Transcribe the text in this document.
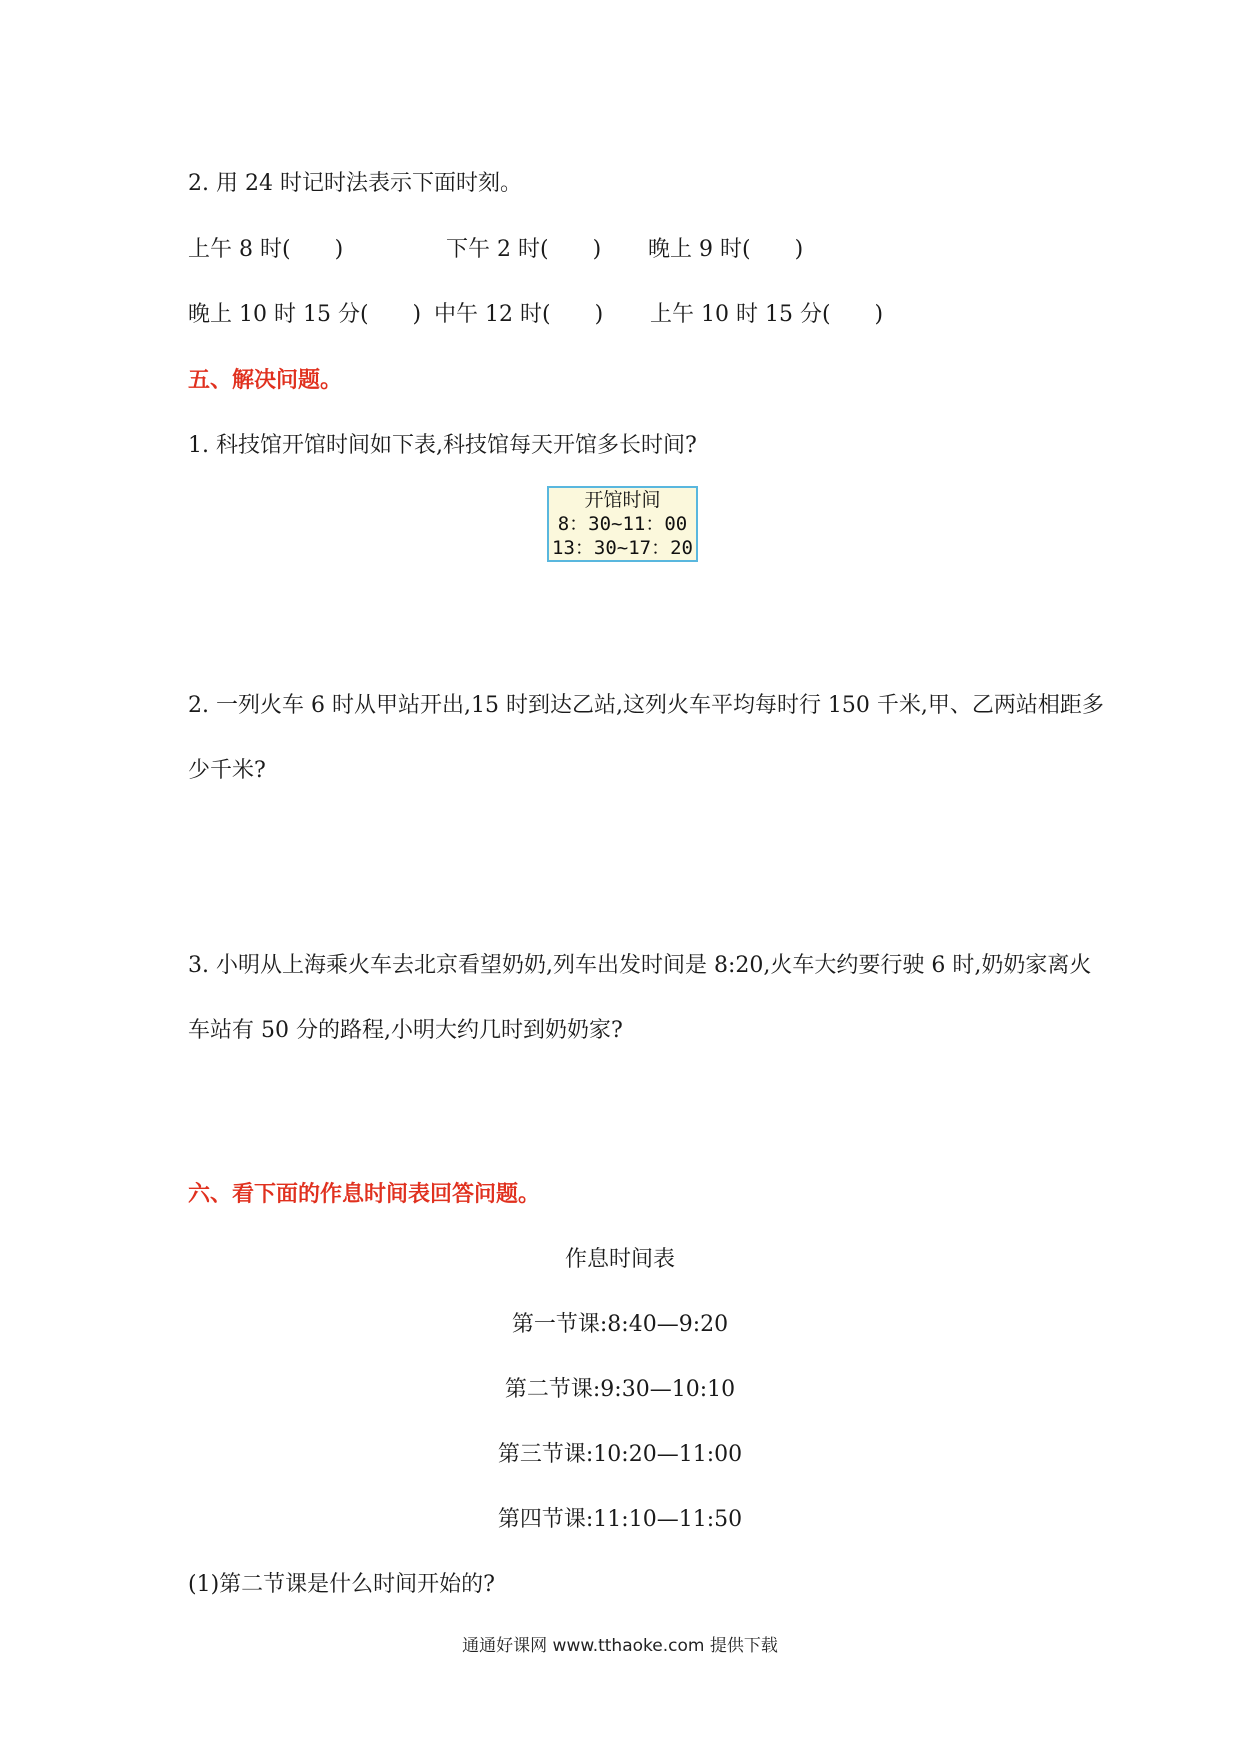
2. 用 24 时记时法表示下面时刻。
上午 8 时(　　)	下午 2 时(　　) 晚上 9 时(　　)
晚上 10 时 15 分(　　) 中午 12 时(　　) 上午 10 时 15 分(　　)
五、解决问题。
1. 科技馆开馆时间如下表,科技馆每天开馆多长时间?
开馆时间
8：30~11：00
13：30~17：20
2. 一列火车 6 时从甲站开出,15 时到达乙站,这列火车平均每时行 150 千米,甲、乙两站相距多
少千米?
3. 小明从上海乘火车去北京看望奶奶,列车出发时间是 8:20,火车大约要行驶 6 时,奶奶家离火
车站有 50 分的路程,小明大约几时到奶奶家?
六、看下面的作息时间表回答问题。
作息时间表
第一节课:8:40—9:20
第二节课:9:30—10:10
第三节课:10:20—11:00
第四节课:11:10—11:50
(1)第二节课是什么时间开始的?
通通好课网 www.tthaoke.com 提供下载
